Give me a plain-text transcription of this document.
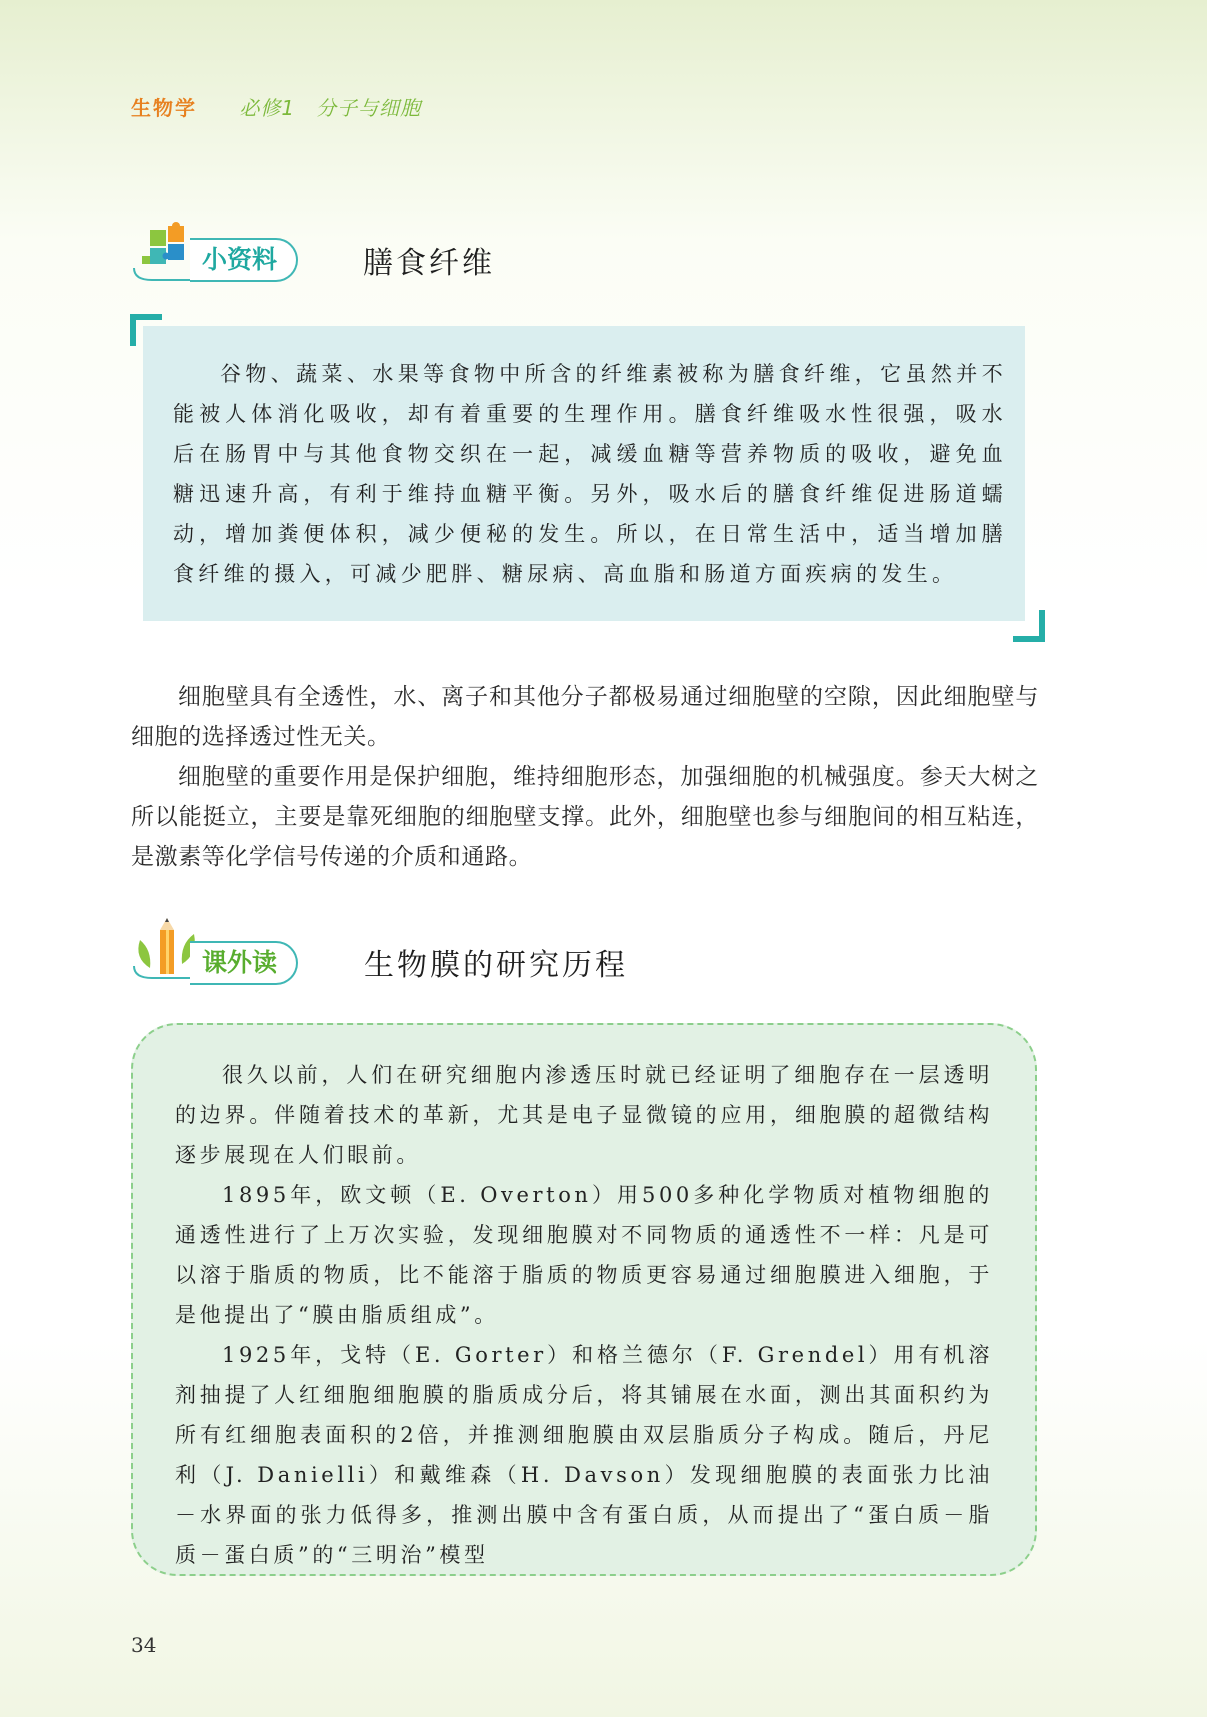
生物学 必修1　分子与细胞
小资料	膳食纤维

谷物、蔬菜、水果等食物中所含的纤维素被称为膳食纤维，它虽然并不能被人体消化吸收，却有着重要的生理作用。膳食纤维吸水性很强，吸水后在肠胃中与其他食物交织在一起，减缓血糖等营养物质的吸收，避免血糖迅速升高，有利于维持血糖平衡。另外，吸水后的膳食纤维促进肠道蠕动，增加粪便体积，减少便秘的发生。所以，在日常生活中，适当增加膳食纤维的摄入，可减少肥胖、糖尿病、高血脂和肠道方面疾病的发生。

细胞壁具有全透性，水、离子和其他分子都极易通过细胞壁的空隙，因此细胞壁与细胞的选择透过性无关。

细胞壁的重要作用是保护细胞，维持细胞形态，加强细胞的机械强度。参天大树之所以能挺立，主要是靠死细胞的细胞壁支撑。此外，细胞壁也参与细胞间的相互粘连，是激素等化学信号传递的介质和通路。

课外读	生物膜的研究历程

很久以前，人们在研究细胞内渗透压时就已经证明了细胞存在一层透明的边界。伴随着技术的革新，尤其是电子显微镜的应用，细胞膜的超微结构逐步展现在人们眼前。

1895年，欧文顿（E. Overton）用500多种化学物质对植物细胞的通透性进行了上万次实验，发现细胞膜对不同物质的通透性不一样：凡是可以溶于脂质的物质，比不能溶于脂质的物质更容易通过细胞膜进入细胞，于是他提出了“膜由脂质组成”。

1925年，戈特（E. Gorter）和格兰德尔（F. Grendel）用有机溶剂抽提了人红细胞细胞膜的脂质成分后，将其铺展在水面，测出其面积约为所有红细胞表面积的2倍，并推测细胞膜由双层脂质分子构成。随后，丹尼利（J. Danielli）和戴维森（H. Davson）发现细胞膜的表面张力比油－水界面的张力低得多，推测出膜中含有蛋白质，从而提出了“蛋白质－脂质－蛋白质”的“三明治”模型

34
